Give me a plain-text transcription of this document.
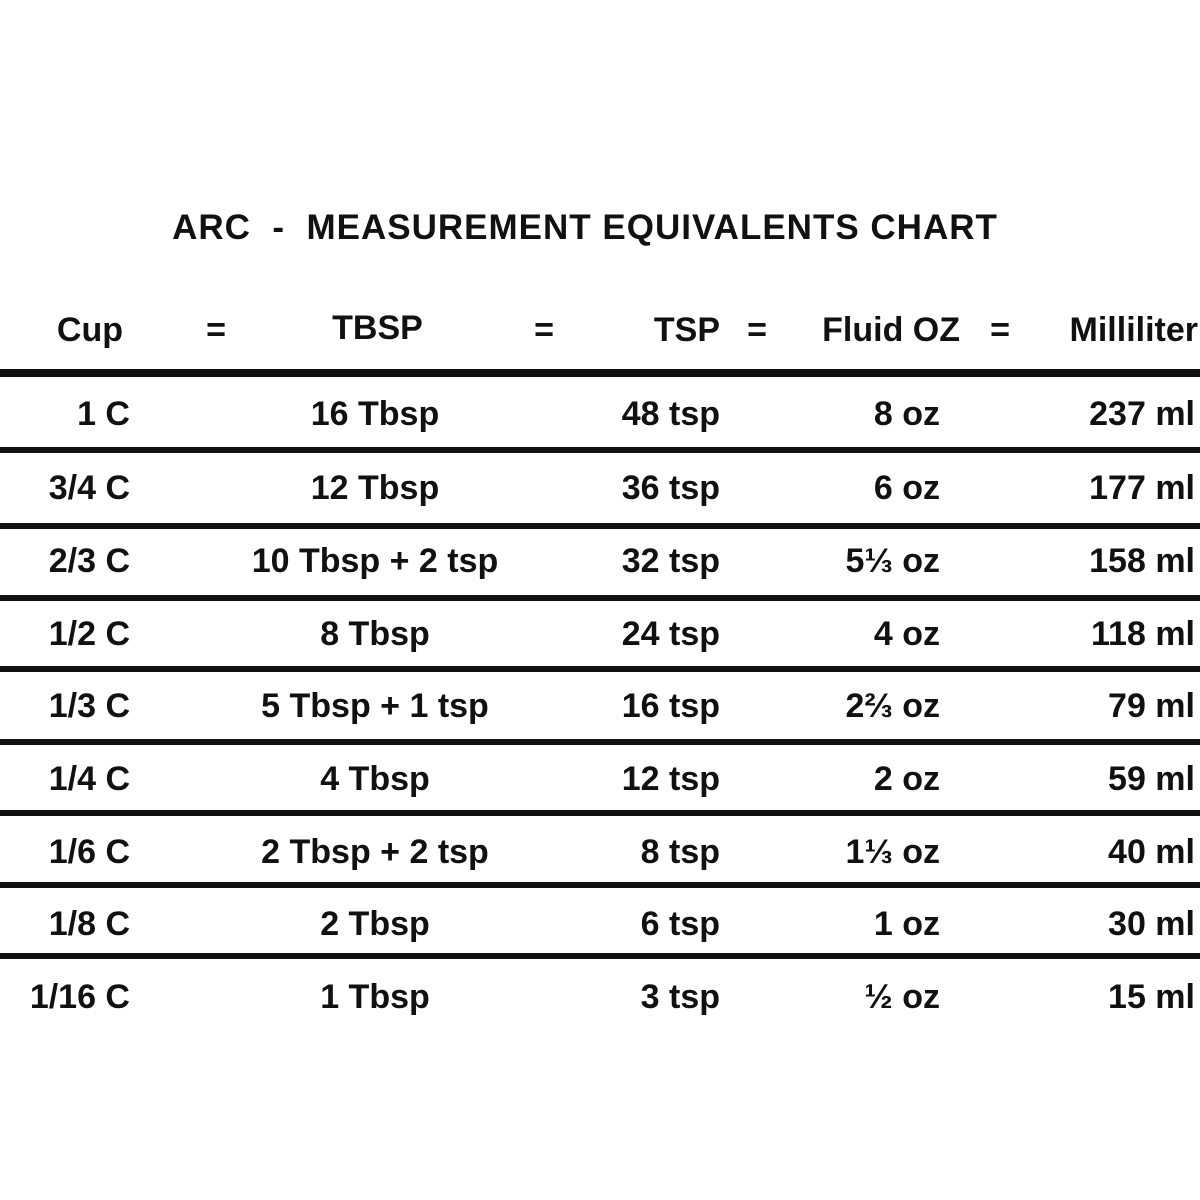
ARC  -  MEASUREMENT EQUIVALENTS CHART
Cup =	TBSP	=	TSP =	Fluid OZ =	Milliliter
1 C	16 Tbsp	48 tsp	8 oz	237 ml
3/4 C	12 Tbsp	36 tsp	6 oz	177 ml
2/3 C	10 Tbsp + 2 tsp	32 tsp	5⅓ oz	158 ml
1/2 C	8 Tbsp	24 tsp	4 oz	118 ml
1/3 C	5 Tbsp + 1 tsp	16 tsp	2⅔ oz	79 ml
1/4 C	4 Tbsp	12 tsp	2 oz	59 ml
1/6 C	2 Tbsp + 2 tsp	8 tsp	1⅓ oz	40 ml
1/8 C	2 Tbsp	6 tsp	1 oz	30 ml
1/16 C	1 Tbsp	3 tsp	½ oz	15 ml
